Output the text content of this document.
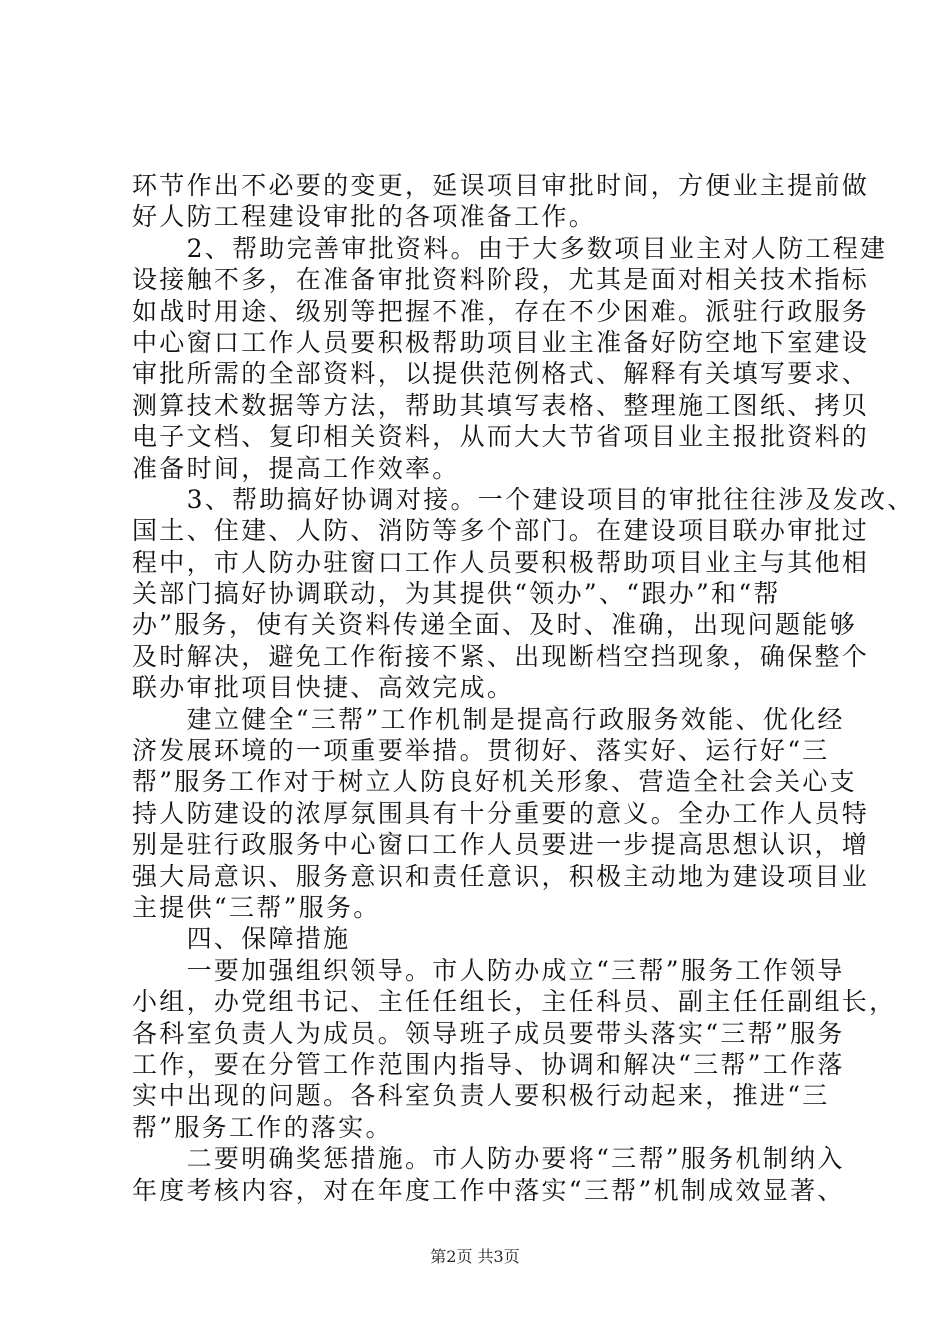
环节作出不必要的变更，延误项目审批时间，方便业主提前做
好人防工程建设审批的各项准备工作。
　　2、帮助完善审批资料。由于大多数项目业主对人防工程建
设接触不多，在准备审批资料阶段，尤其是面对相关技术指标
如战时用途、级别等把握不准，存在不少困难。派驻行政服务
中心窗口工作人员要积极帮助项目业主准备好防空地下室建设
审批所需的全部资料，以提供范例格式、解释有关填写要求、
测算技术数据等方法，帮助其填写表格、整理施工图纸、拷贝
电子文档、复印相关资料，从而大大节省项目业主报批资料的
准备时间，提高工作效率。
　　3、帮助搞好协调对接。一个建设项目的审批往往涉及发改、
国土、住建、人防、消防等多个部门。在建设项目联办审批过
程中，市人防办驻窗口工作人员要积极帮助项目业主与其他相
关部门搞好协调联动，为其提供“领办”、“跟办”和“帮
办”服务，使有关资料传递全面、及时、准确，出现问题能够
及时解决，避免工作衔接不紧、出现断档空挡现象，确保整个
联办审批项目快捷、高效完成。
　　建立健全“三帮”工作机制是提高行政服务效能、优化经
济发展环境的一项重要举措。贯彻好、落实好、运行好“三
帮”服务工作对于树立人防良好机关形象、营造全社会关心支
持人防建设的浓厚氛围具有十分重要的意义。全办工作人员特
别是驻行政服务中心窗口工作人员要进一步提高思想认识，增
强大局意识、服务意识和责任意识，积极主动地为建设项目业
主提供“三帮”服务。
　　四、保障措施
　　一要加强组织领导。市人防办成立“三帮”服务工作领导
小组，办党组书记、主任任组长，主任科员、副主任任副组长，
各科室负责人为成员。领导班子成员要带头落实“三帮”服务
工作，要在分管工作范围内指导、协调和解决“三帮”工作落
实中出现的问题。各科室负责人要积极行动起来，推进“三
帮”服务工作的落实。
　　二要明确奖惩措施。市人防办要将“三帮”服务机制纳入
年度考核内容，对在年度工作中落实“三帮”机制成效显著、
第2页 共3页
